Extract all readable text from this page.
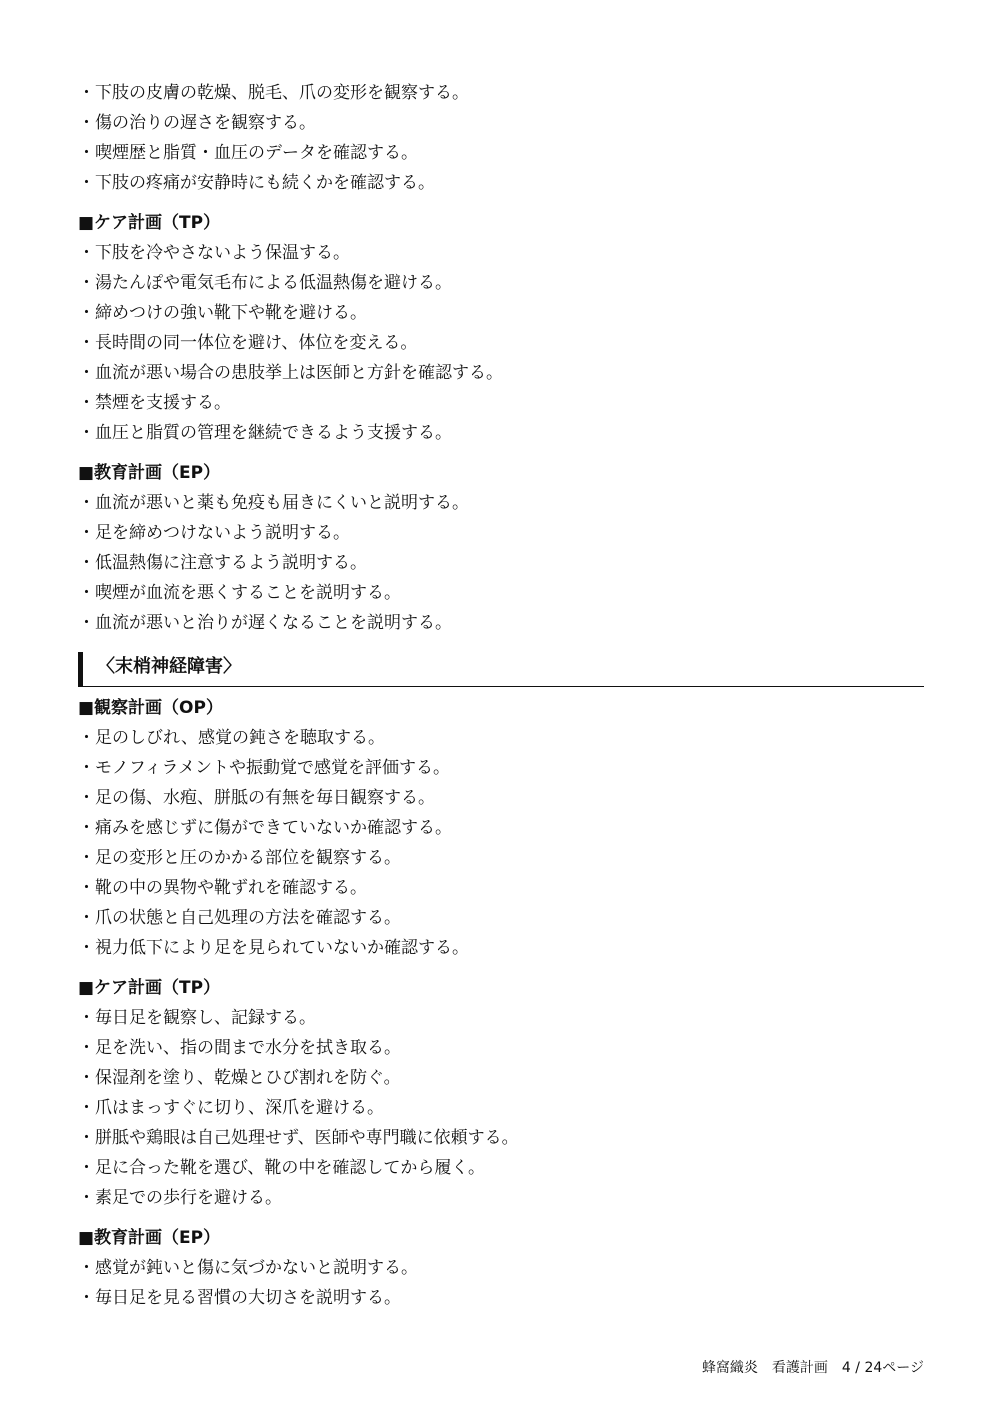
・下肢の皮膚の乾燥、脱毛、爪の変形を観察する。
・傷の治りの遅さを観察する。
・喫煙歴と脂質・血圧のデータを確認する。
・下肢の疼痛が安静時にも続くかを確認する。
■ケア計画（TP）
・下肢を冷やさないよう保温する。
・湯たんぽや電気毛布による低温熱傷を避ける。
・締めつけの強い靴下や靴を避ける。
・長時間の同一体位を避け、体位を変える。
・血流が悪い場合の患肢挙上は医師と方針を確認する。
・禁煙を支援する。
・血圧と脂質の管理を継続できるよう支援する。
■教育計画（EP）
・血流が悪いと薬も免疫も届きにくいと説明する。
・足を締めつけないよう説明する。
・低温熱傷に注意するよう説明する。
・喫煙が血流を悪くすることを説明する。
・血流が悪いと治りが遅くなることを説明する。
〈末梢神経障害〉
■観察計画（OP）
・足のしびれ、感覚の鈍さを聴取する。
・モノフィラメントや振動覚で感覚を評価する。
・足の傷、水疱、胼胝の有無を毎日観察する。
・痛みを感じずに傷ができていないか確認する。
・足の変形と圧のかかる部位を観察する。
・靴の中の異物や靴ずれを確認する。
・爪の状態と自己処理の方法を確認する。
・視力低下により足を見られていないか確認する。
■ケア計画（TP）
・毎日足を観察し、記録する。
・足を洗い、指の間まで水分を拭き取る。
・保湿剤を塗り、乾燥とひび割れを防ぐ。
・爪はまっすぐに切り、深爪を避ける。
・胼胝や鶏眼は自己処理せず、医師や専門職に依頼する。
・足に合った靴を選び、靴の中を確認してから履く。
・素足での歩行を避ける。
■教育計画（EP）
・感覚が鈍いと傷に気づかないと説明する。
・毎日足を見る習慣の大切さを説明する。
蜂窩織炎　看護計画　4 / 24ページ
